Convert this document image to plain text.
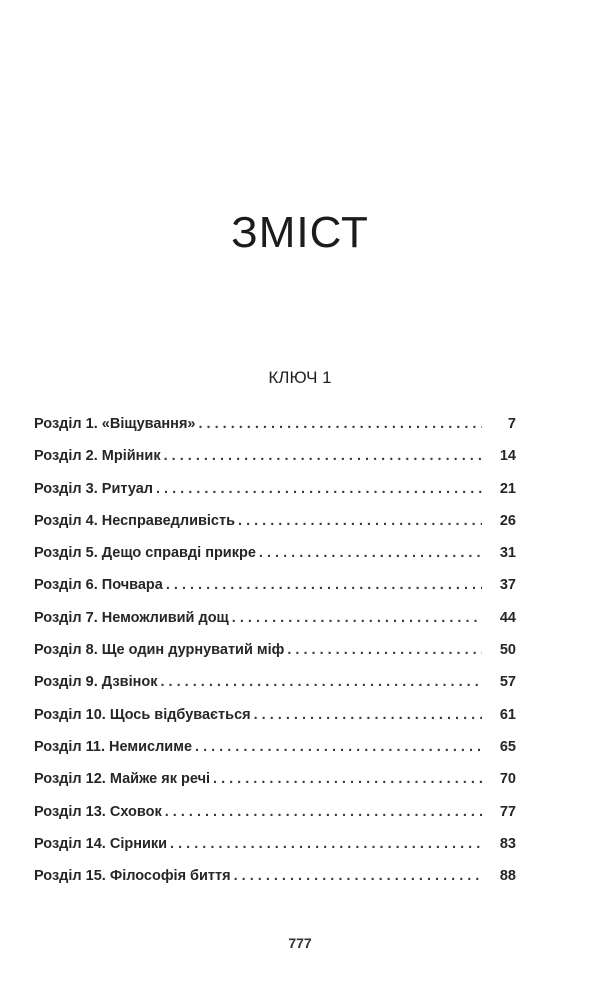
ЗМІСТ
КЛЮЧ 1
Розділ 1. «Віщування» . . .	7
Розділ 2. Мрійник . . .	14
Розділ 3. Ритуал . . .	21
Розділ 4. Несправедливість . . .	26
Розділ 5. Дещо справді прикре . . .	31
Розділ 6. Почвара . . .	37
Розділ 7. Неможливий дощ . . .	44
Розділ 8. Ще один дурнуватий міф . . .	50
Розділ 9. Дзвінок . . .	57
Розділ 10. Щось відбувається . . .	61
Розділ 11. Немислиме . . .	65
Розділ 12. Майже як речі . . .	70
Розділ 13. Сховок . . .	77
Розділ 14. Сірники . . .	83
Розділ 15. Філософія биття . . .	88
777
